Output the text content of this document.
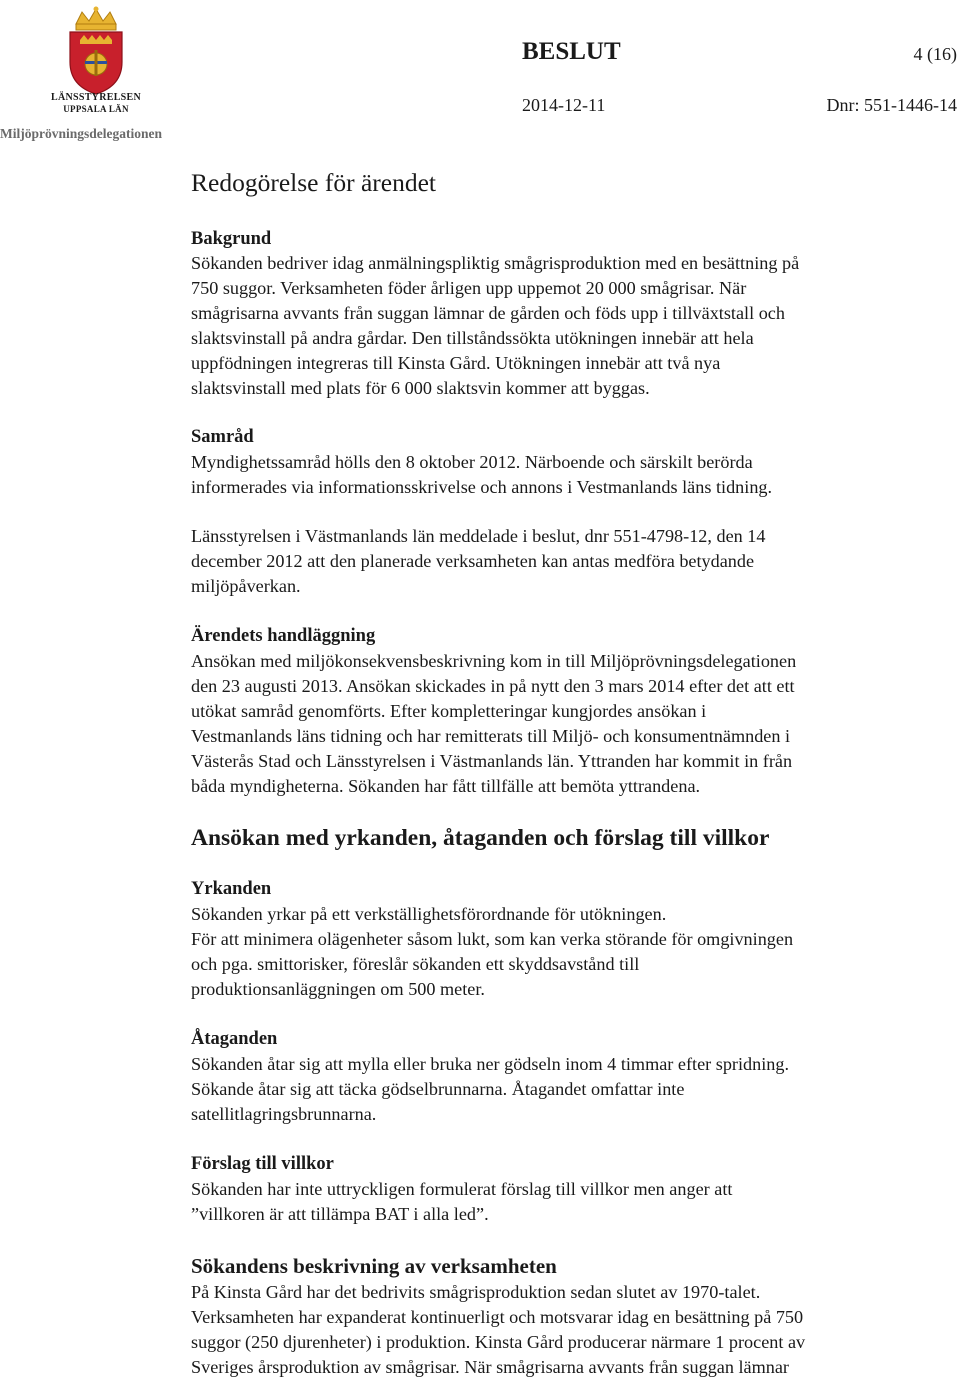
LÄNSSTYRELSEN
UPPSALA LÄN
Miljöprövningsdelegationen
BESLUT	4 (16)
2014-12-11	Dnr: 551-1446-14
Redogörelse för ärendet
Bakgrund
Sökanden bedriver idag anmälningspliktig smågrisproduktion med en besättning på
750 suggor. Verksamheten föder årligen upp uppemot 20 000 smågrisar. När
smågrisarna avvants från suggan lämnar de gården och föds upp i tillväxtstall och
slaktsvinstall på andra gårdar. Den tillståndssökta utökningen innebär att hela
uppfödningen integreras till Kinsta Gård. Utökningen innebär att två nya
slaktsvinstall med plats för 6 000 slaktsvin kommer att byggas.
Samråd
Myndighetssamråd hölls den 8 oktober 2012. Närboende och särskilt berörda
informerades via informationsskrivelse och annons i Vestmanlands läns tidning.
Länsstyrelsen i Västmanlands län meddelade i beslut, dnr 551-4798-12, den 14
december 2012 att den planerade verksamheten kan antas medföra betydande
miljöpåverkan.
Ärendets handläggning
Ansökan med miljökonsekvensbeskrivning kom in till Miljöprövningsdelegationen
den 23 augusti 2013. Ansökan skickades in på nytt den 3 mars 2014 efter det att ett
utökat samråd genomförts. Efter kompletteringar kungjordes ansökan i
Vestmanlands läns tidning och har remitterats till Miljö- och konsumentnämnden i
Västerås Stad och Länsstyrelsen i Västmanlands län. Yttranden har kommit in från
båda myndigheterna. Sökanden har fått tillfälle att bemöta yttrandena.
Ansökan med yrkanden, åtaganden och förslag till villkor
Yrkanden
Sökanden yrkar på ett verkställighetsförordnande för utökningen.
För att minimera olägenheter såsom lukt, som kan verka störande för omgivningen
och pga. smittorisker, föreslår sökanden ett skyddsavstånd till
produktionsanläggningen om 500 meter.
Åtaganden
Sökanden åtar sig att mylla eller bruka ner gödseln inom 4 timmar efter spridning.
Sökande åtar sig att täcka gödselbrunnarna. Åtagandet omfattar inte
satellitlagringsbrunnarna.
Förslag till villkor
Sökanden har inte uttryckligen formulerat förslag till villkor men anger att
”villkoren är att tillämpa BAT i alla led”.
Sökandens beskrivning av verksamheten
På Kinsta Gård har det bedrivits smågrisproduktion sedan slutet av 1970-talet.
Verksamheten har expanderat kontinuerligt och motsvarar idag en besättning på 750
suggor (250 djurenheter) i produktion. Kinsta Gård producerar närmare 1 procent av
Sveriges årsproduktion av smågrisar. När smågrisarna avvants från suggan lämnar
